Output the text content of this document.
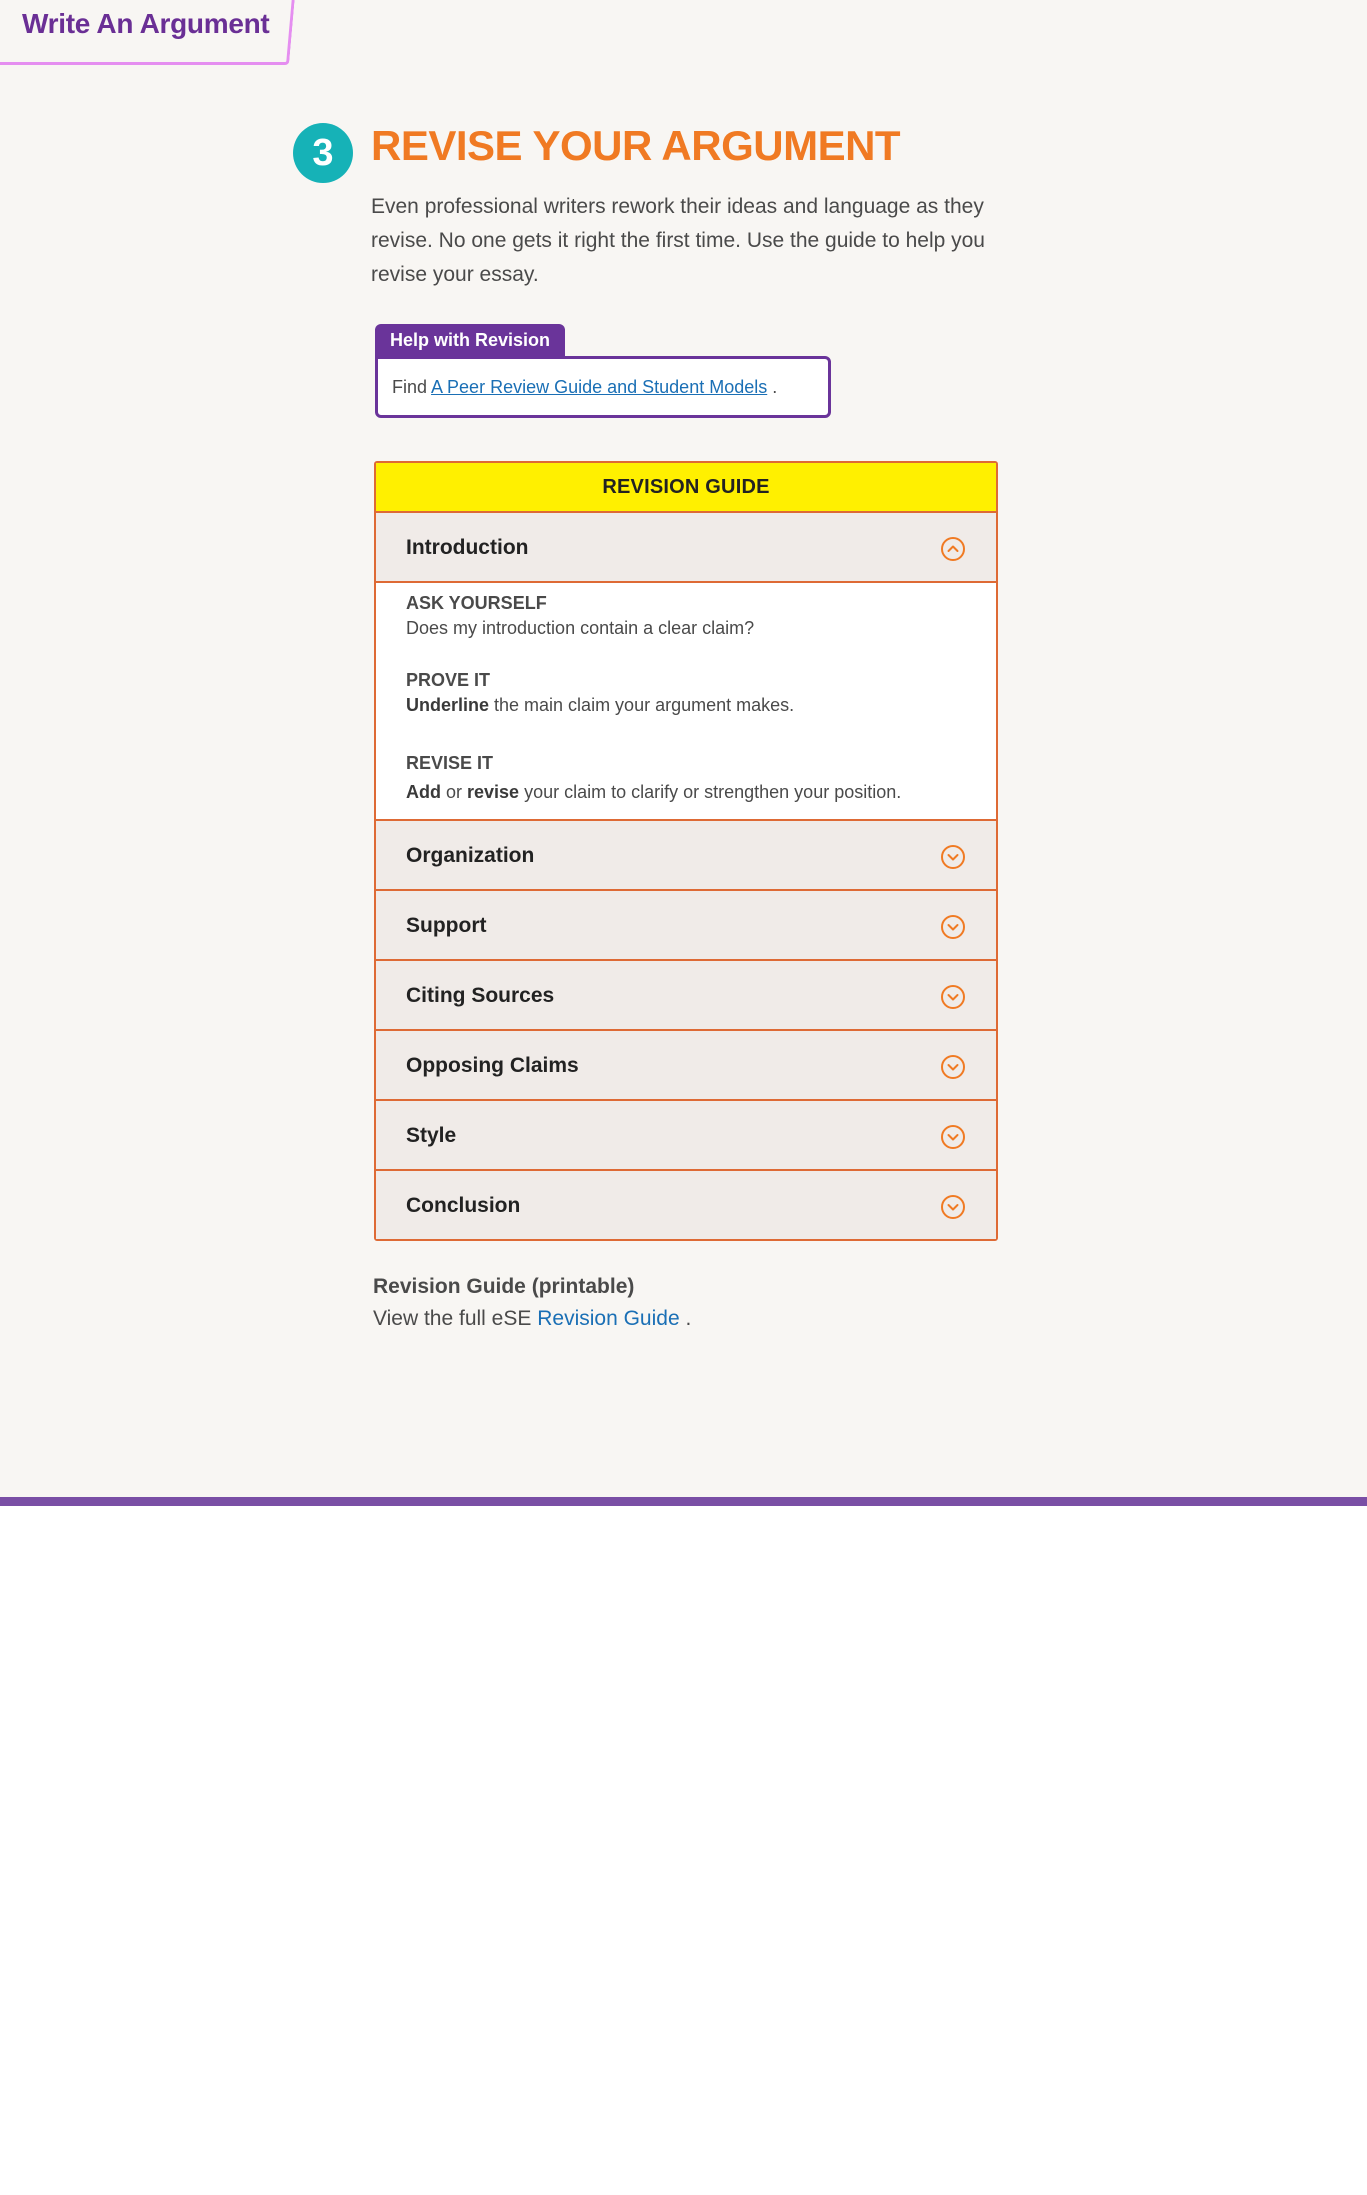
Write An Argument
3 REVISE YOUR ARGUMENT
Even professional writers rework their ideas and language as they revise. No one gets it right the first time. Use the guide to help you revise your essay.
Help with Revision
Find A Peer Review Guide and Student Models .
REVISION GUIDE
Introduction
ASK YOURSELF
Does my introduction contain a clear claim?
PROVE IT
Underline the main claim your argument makes.
REVISE IT
Add or revise your claim to clarify or strengthen your position.
Organization
Support
Citing Sources
Opposing Claims
Style
Conclusion
Revision Guide (printable)
View the full eSE Revision Guide .
